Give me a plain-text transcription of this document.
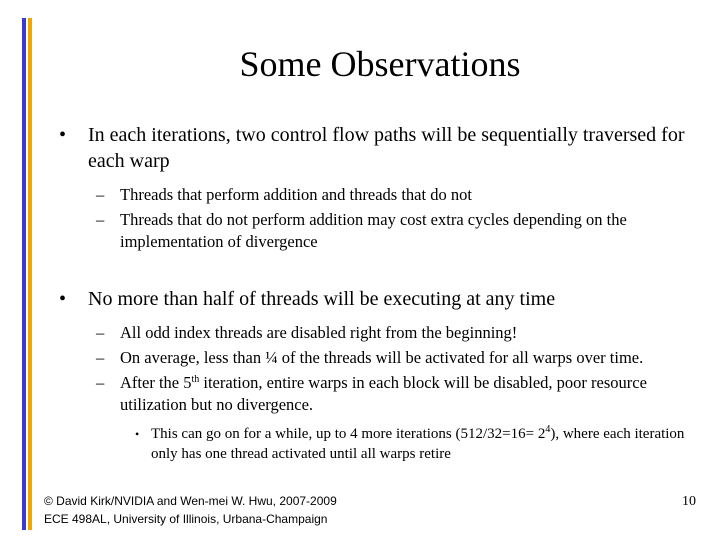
Some Observations
• In each iterations, two control flow paths will be sequentially traversed for each warp
– Threads that perform addition and threads that do not
– Threads that do not perform addition may cost extra cycles depending on the implementation of divergence
• No more than half of threads will be executing at any time
– All odd index threads are disabled right from the beginning!
– On average, less than ¼ of the threads will be activated for all warps over time.
– After the 5th iteration, entire warps in each block will be disabled, poor resource utilization but no divergence.
• This can go on for a while, up to 4 more iterations $(512/32=16= 2^4)$, where each iteration only has one thread activated until all warps retire
© David Kirk/NVIDIA and Wen-mei W. Hwu, 2007-2009
ECE 498AL, University of Illinois, Urbana-Champaign
10
